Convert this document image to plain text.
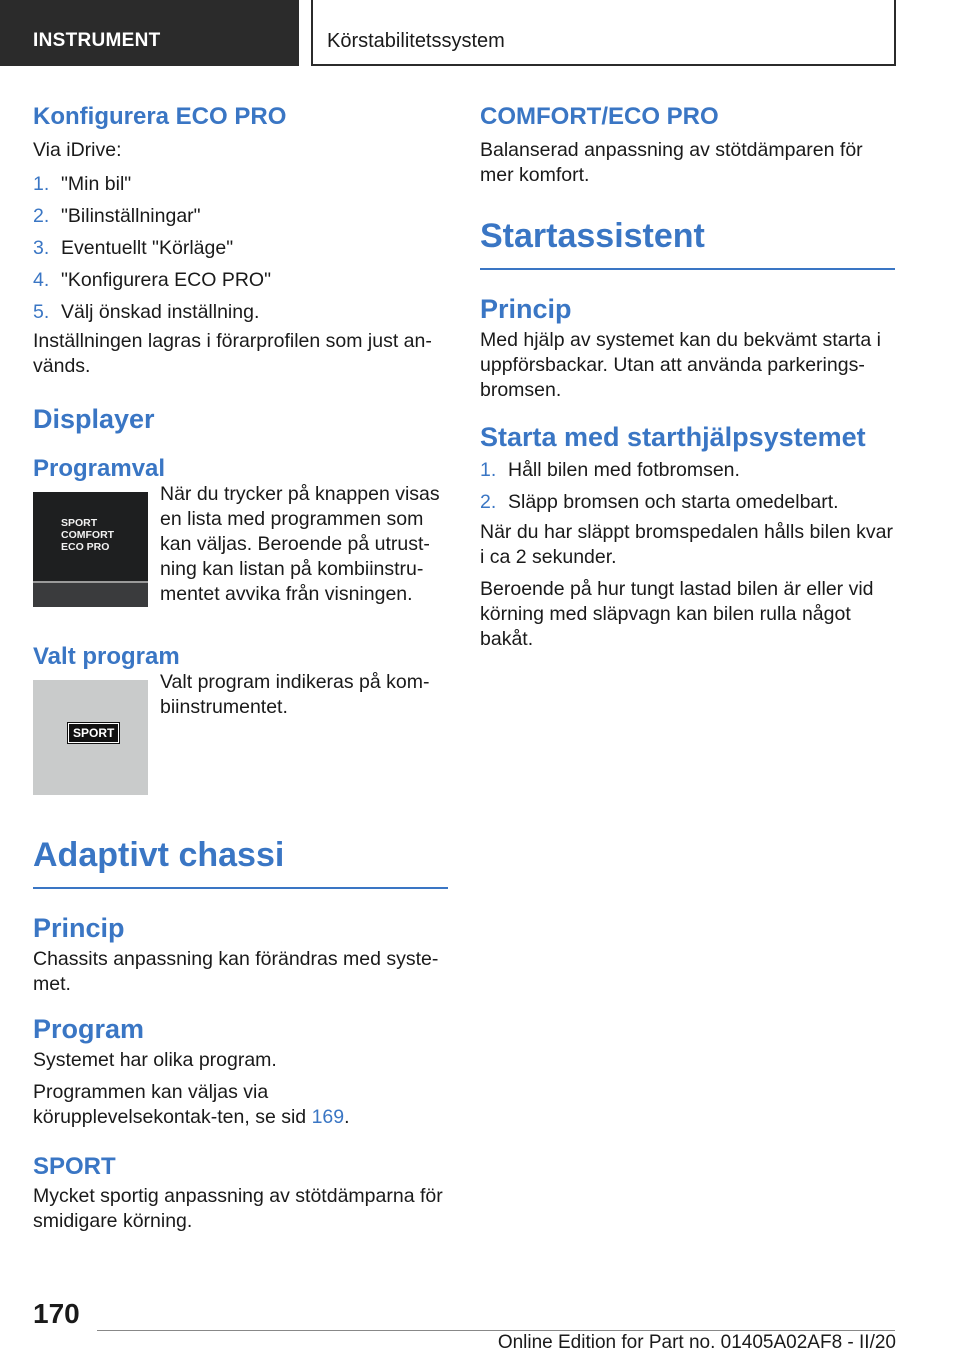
INSTRUMENT	Körstabilitetssystem
Konfigurera ECO PRO
Via iDrive:
1. "Min bil"
2. "Bilinställningar"
3. Eventuellt "Körläge"
4. "Konfigurera ECO PRO"
5. Välj önskad inställning.
Inställningen lagras i förarprofilen som just an-vänds.
Displayer
Programval
SPORT
COMFORT
ECO PRO
När du trycker på knappen visas en lista med programmen som kan väljas. Beroende på utrust-ning kan listan på kombiinstru-mentet avvika från visningen.
Valt program
SPORT
Valt program indikeras på kom-biinstrumentet.
Adaptivt chassi
Princip
Chassits anpassning kan förändras med syste-met.
Program
Systemet har olika program.
Programmen kan väljas via körupplevelsekontak-ten, se sid 169.
SPORT
Mycket sportig anpassning av stötdämparna för smidigare körning.
COMFORT/ECO PRO
Balanserad anpassning av stötdämparen för mer komfort.
Startassistent
Princip
Med hjälp av systemet kan du bekvämt starta i uppförsbackar. Utan att använda parkerings-bromsen.
Starta med starthjälpsystemet
1. Håll bilen med fotbromsen.
2. Släpp bromsen och starta omedelbart.
När du har släppt bromspedalen hålls bilen kvar i ca 2 sekunder.
Beroende på hur tungt lastad bilen är eller vid körning med släpvagn kan bilen rulla något bakåt.
170
Online Edition for Part no. 01405A02AF8 - II/20
